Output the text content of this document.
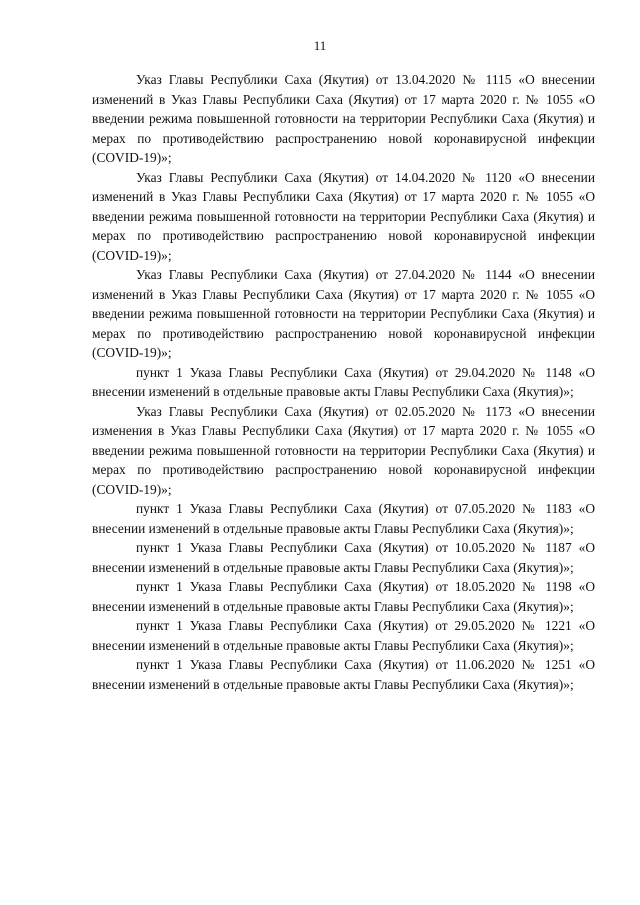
11

Указ Главы Республики Саха (Якутия) от 13.04.2020 № 1115 «О внесении изменений в Указ Главы Республики Саха (Якутия) от 17 марта 2020 г. № 1055 «О введении режима повышенной готовности на территории Республики Саха (Якутия) и мерах по противодействию распространению новой коронавирусной инфекции (COVID-19)»;

Указ Главы Республики Саха (Якутия) от 14.04.2020 № 1120 «О внесении изменений в Указ Главы Республики Саха (Якутия) от 17 марта 2020 г. № 1055 «О введении режима повышенной готовности на территории Республики Саха (Якутия) и мерах по противодействию распространению новой коронавирусной инфекции (COVID-19)»;

Указ Главы Республики Саха (Якутия) от 27.04.2020 № 1144 «О внесении изменений в Указ Главы Республики Саха (Якутия) от 17 марта 2020 г. № 1055 «О введении режима повышенной готовности на территории Республики Саха (Якутия) и мерах по противодействию распространению новой коронавирусной инфекции (COVID-19)»;

пункт 1 Указа Главы Республики Саха (Якутия) от 29.04.2020 № 1148 «О внесении изменений в отдельные правовые акты Главы Республики Саха (Якутия)»;

Указ Главы Республики Саха (Якутия) от 02.05.2020 № 1173 «О внесении изменения в Указ Главы Республики Саха (Якутия) от 17 марта 2020 г. № 1055 «О введении режима повышенной готовности на территории Республики Саха (Якутия) и мерах по противодействию распространению новой коронавирусной инфекции (COVID-19)»;

пункт 1 Указа Главы Республики Саха (Якутия) от 07.05.2020 № 1183 «О внесении изменений в отдельные правовые акты Главы Республики Саха (Якутия)»;

пункт 1 Указа Главы Республики Саха (Якутия) от 10.05.2020 № 1187 «О внесении изменений в отдельные правовые акты Главы Республики Саха (Якутия)»;

пункт 1 Указа Главы Республики Саха (Якутия) от 18.05.2020 № 1198 «О внесении изменений в отдельные правовые акты Главы Республики Саха (Якутия)»;

пункт 1 Указа Главы Республики Саха (Якутия) от 29.05.2020 № 1221 «О внесении изменений в отдельные правовые акты Главы Республики Саха (Якутия)»;

пункт 1 Указа Главы Республики Саха (Якутия) от 11.06.2020 № 1251 «О внесении изменений в отдельные правовые акты Главы Республики Саха (Якутия)»;
